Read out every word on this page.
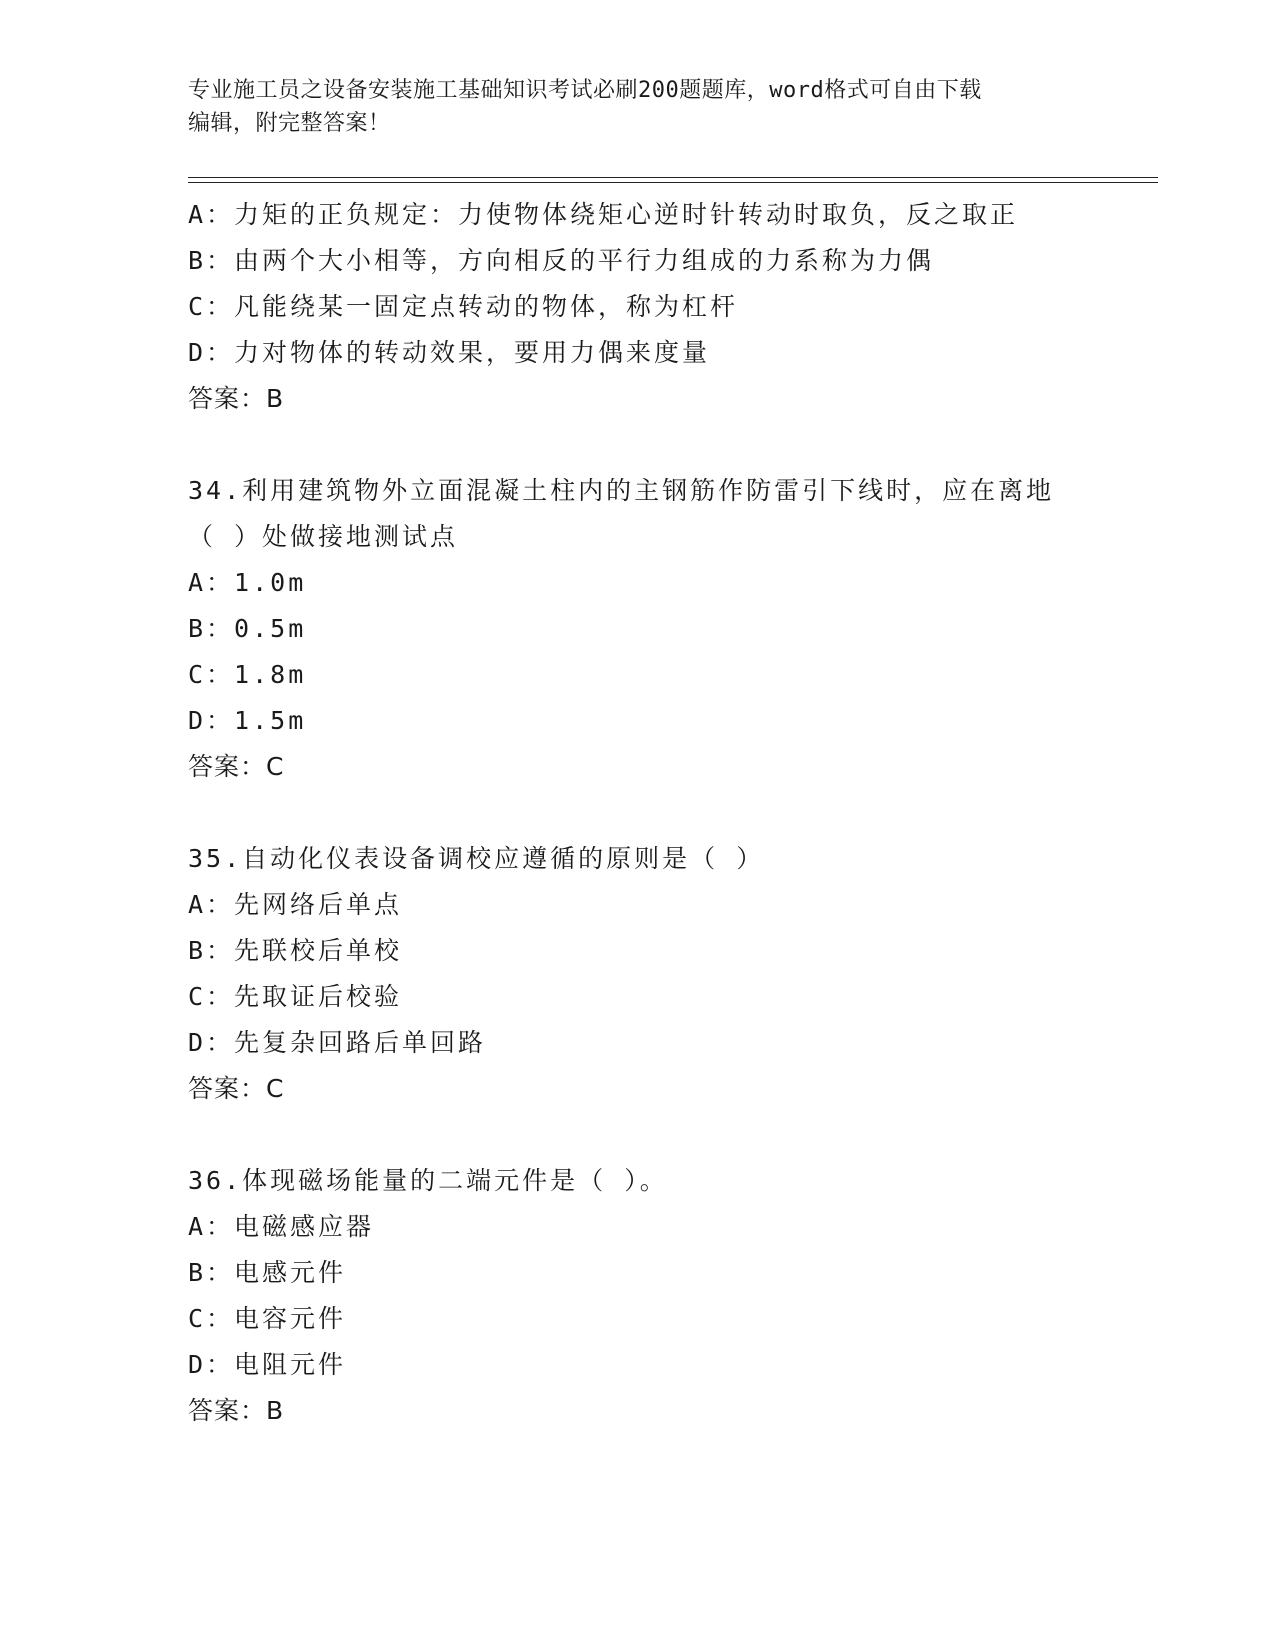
专业施工员之设备安装施工基础知识考试必刷200题题库，word格式可自由下载
编辑，附完整答案！
A：力矩的正负规定：力使物体绕矩心逆时针转动时取负，反之取正
B：由两个大小相等，方向相反的平行力组成的力系称为力偶
C：凡能绕某一固定点转动的物体，称为杠杆
D：力对物体的转动效果，要用力偶来度量
答案：B
34.利用建筑物外立面混凝土柱内的主钢筋作防雷引下线时，应在离地
（ ）处做接地测试点
A：1.0m
B：0.5m
C：1.8m
D：1.5m
答案：C
35.自动化仪表设备调校应遵循的原则是（ ）
A：先网络后单点
B：先联校后单校
C：先取证后校验
D：先复杂回路后单回路
答案：C
36.体现磁场能量的二端元件是（ ）。
A：电磁感应器
B：电感元件
C：电容元件
D：电阻元件
答案：B
